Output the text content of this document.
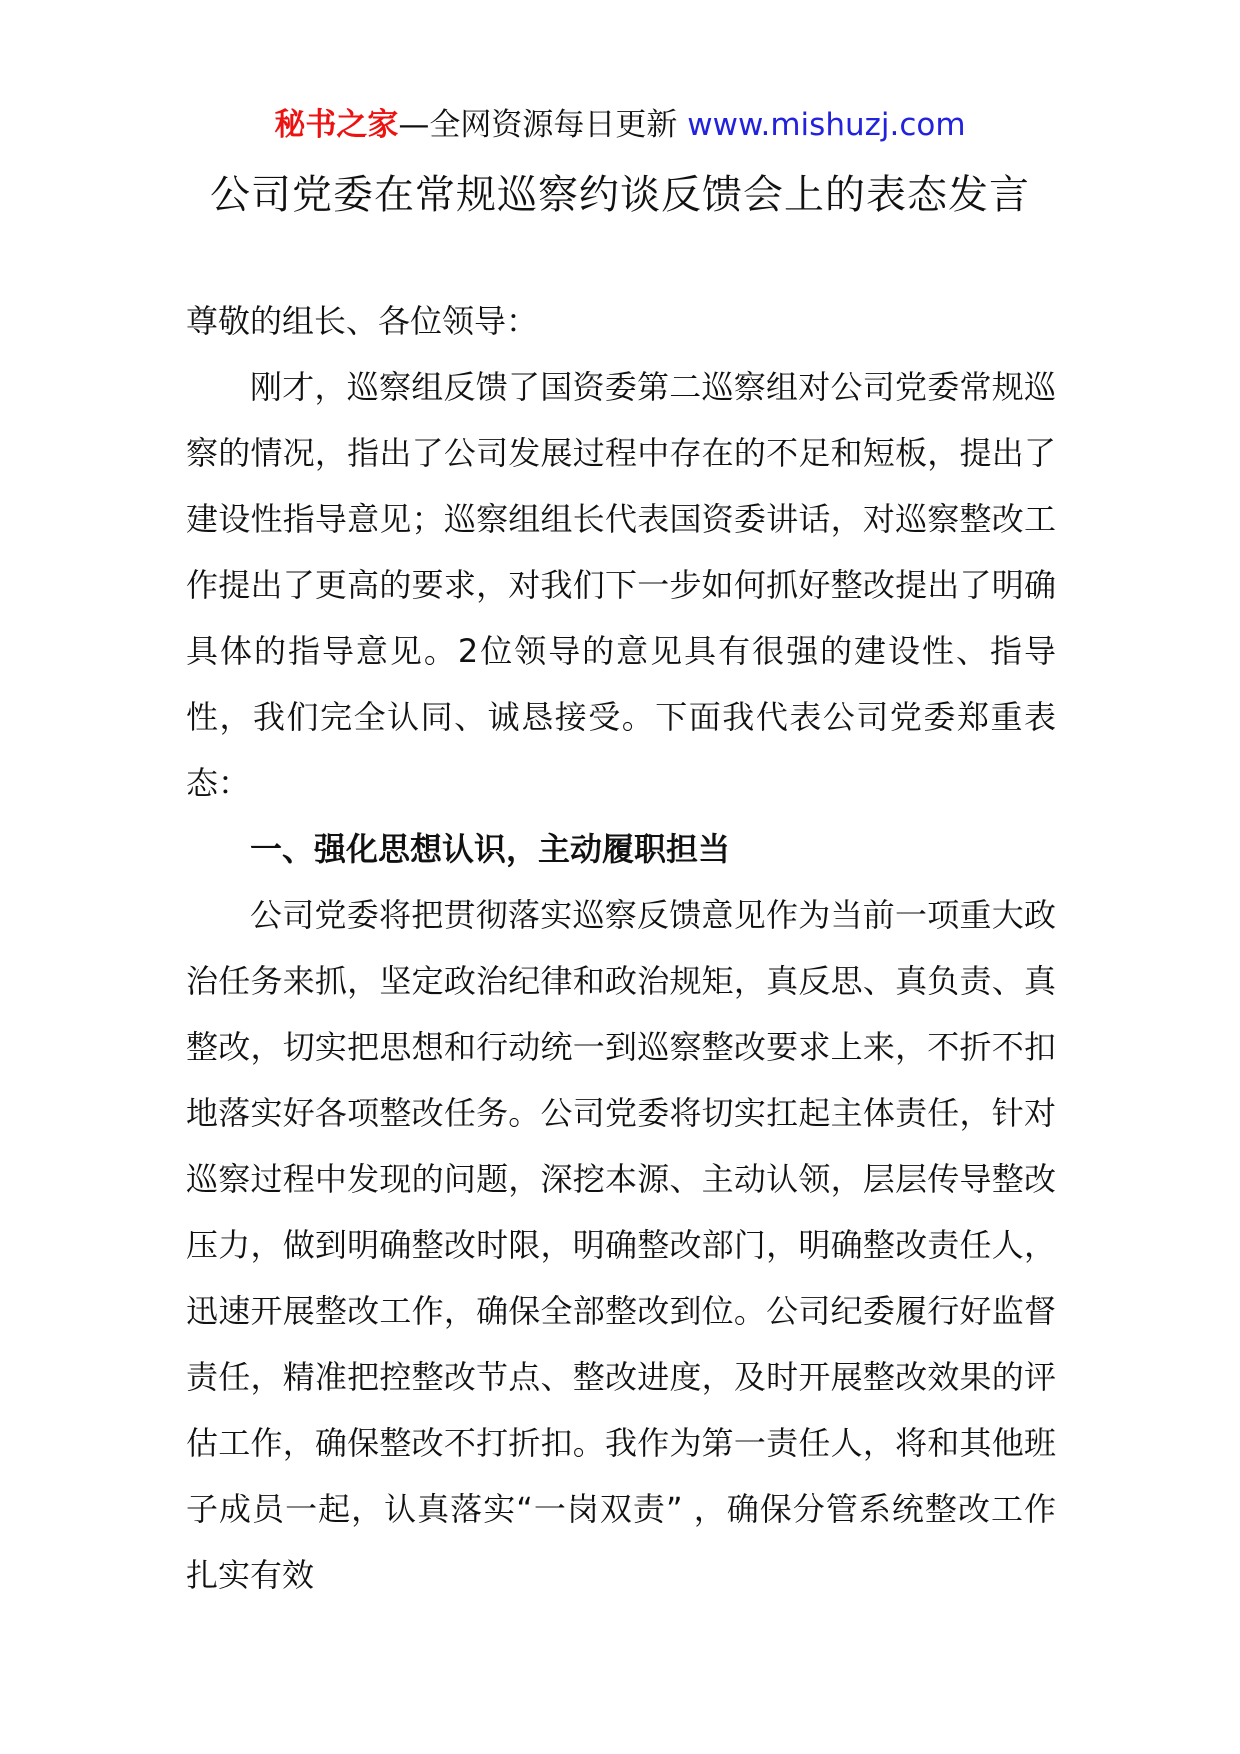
秘书之家—全网资源每日更新 www.mishuzj.com
公司党委在常规巡察约谈反馈会上的表态发言

尊敬的组长、各位领导：

刚才，巡察组反馈了国资委第二巡察组对公司党委常规巡察的情况，指出了公司发展过程中存在的不足和短板，提出了建设性指导意见；巡察组组长代表国资委讲话，对巡察整改工作提出了更高的要求，对我们下一步如何抓好整改提出了明确具体的指导意见。2位领导的意见具有很强的建设性、指导性，我们完全认同、诚恳接受。下面我代表公司党委郑重表态：

一、强化思想认识，主动履职担当

公司党委将把贯彻落实巡察反馈意见作为当前一项重大政治任务来抓，坚定政治纪律和政治规矩，真反思、真负责、真整改，切实把思想和行动统一到巡察整改要求上来，不折不扣地落实好各项整改任务。公司党委将切实扛起主体责任，针对巡察过程中发现的问题，深挖本源、主动认领，层层传导整改压力，做到明确整改时限，明确整改部门，明确整改责任人，迅速开展整改工作，确保全部整改到位。公司纪委履行好监督责任，精准把控整改节点、整改进度，及时开展整改效果的评估工作，确保整改不打折扣。我作为第一责任人，将和其他班子成员一起，认真落实“一岗双责” ，确保分管系统整改工作扎实有效
